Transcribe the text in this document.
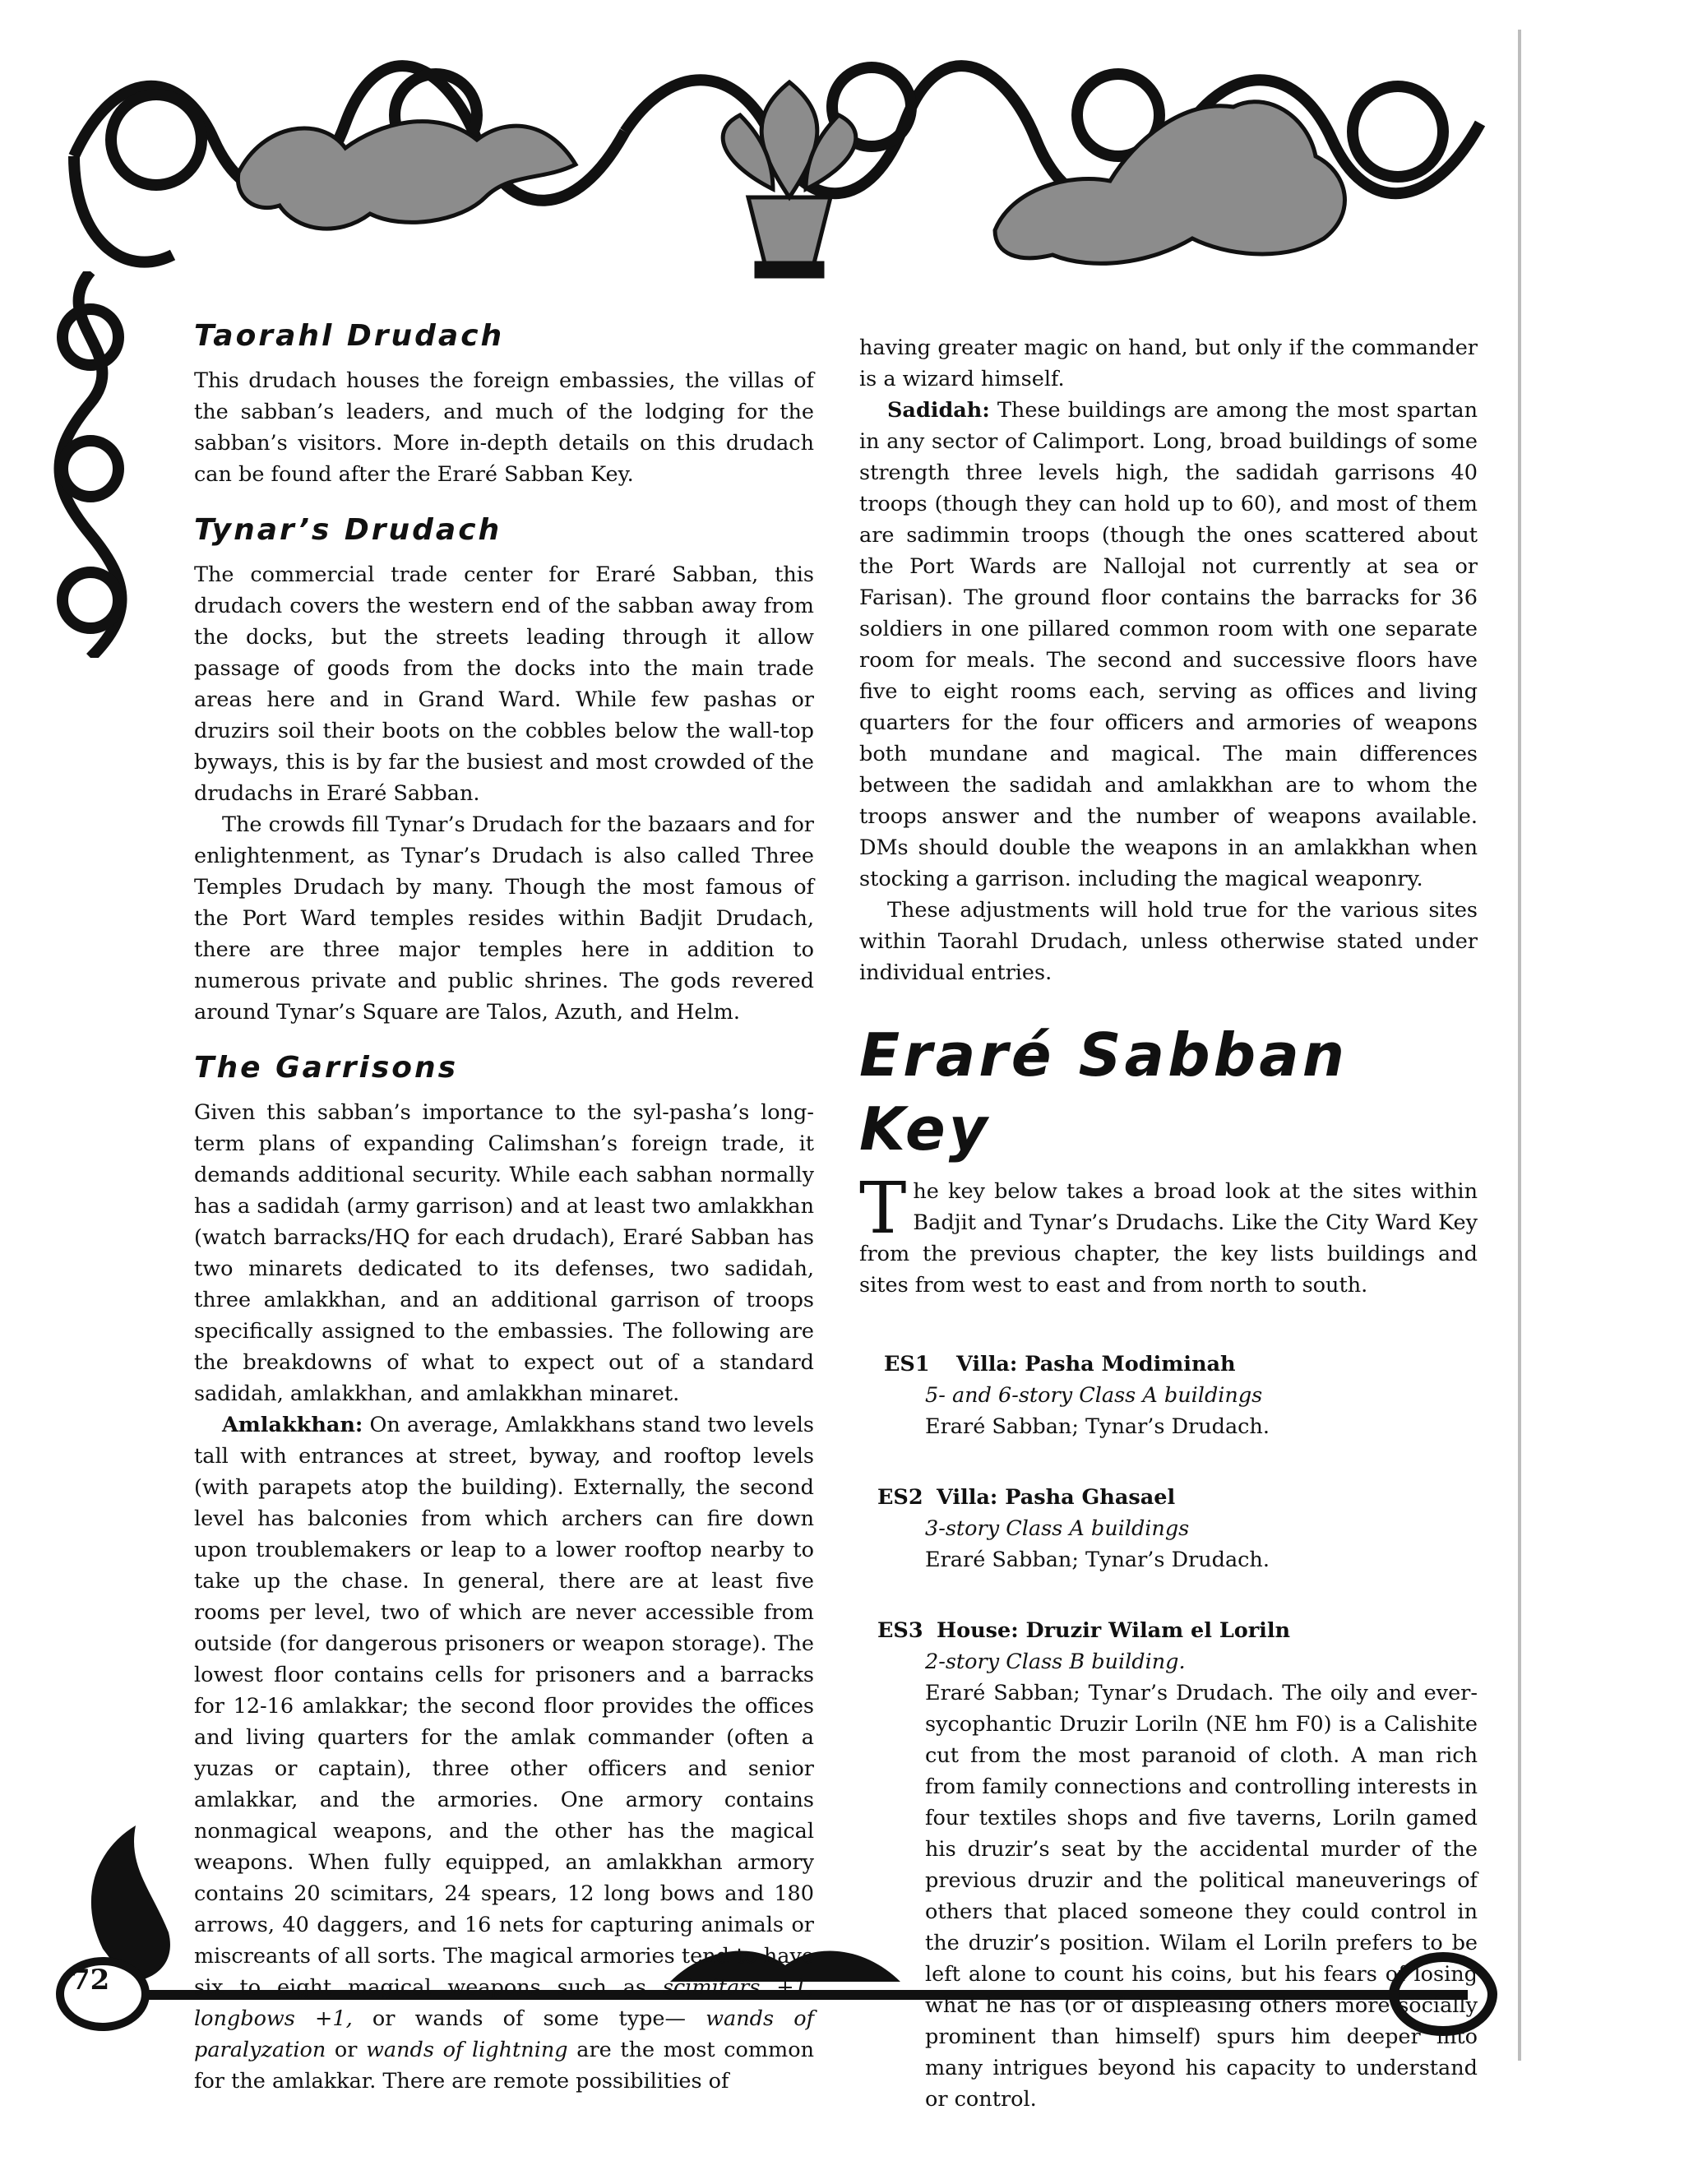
72
Taorahl Drudach

This drudach houses the foreign embassies, the villas of the sabban’s leaders, and much of the lodging for the sabban’s visitors. More in-depth details on this drudach can be found after the Eraré Sabban Key.

Tynar’s Drudach

The commercial trade center for Eraré Sabban, this drudach covers the western end of the sabban away from the docks, but the streets leading through it allow passage of goods from the docks into the main trade areas here and in Grand Ward. While few pashas or druzirs soil their boots on the cobbles below the wall-top byways, this is by far the busiest and most crowded of the drudachs in Eraré Sabban.

The crowds fill Tynar’s Drudach for the bazaars and for enlightenment, as Tynar’s Drudach is also called Three Temples Drudach by many. Though the most famous of the Port Ward temples resides within Badjit Drudach, there are three major temples here in addition to numerous private and public shrines. The gods revered around Tynar’s Square are Talos, Azuth, and Helm.

The Garrisons

Given this sabban’s importance to the syl-pasha’s long-term plans of expanding Calimshan’s foreign trade, it demands additional security. While each sabhan normally has a sadidah (army garrison) and at least two amlakkhan (watch barracks/HQ for each drudach), Eraré Sabban has two minarets dedicated to its defenses, two sadidah, three amlakkhan, and an additional garrison of troops specifically assigned to the embassies. The following are the breakdowns of what to expect out of a standard sadidah, amlakkhan, and amlakkhan minaret.

Amlakkhan: On average, Amlakkhans stand two levels tall with entrances at street, byway, and rooftop levels (with parapets atop the building). Externally, the second level has balconies from which archers can fire down upon troublemakers or leap to a lower rooftop nearby to take up the chase. In general, there are at least five rooms per level, two of which are never accessible from outside (for dangerous prisoners or weapon storage). The lowest floor contains cells for prisoners and a barracks for 12-16 amlakkar; the second floor provides the offices and living quarters for the amlak commander (often a yuzas or captain), three other officers and senior amlakkar, and the armories. One armory contains nonmagical weapons, and the other has the magical weapons. When fully equipped, an amlakkhan armory contains 20 scimitars, 24 spears, 12 long bows and 180 arrows, 40 daggers, and 16 nets for capturing animals or miscreants of all sorts. The magical armories tend to have six to eight magical weapons such as scimitars +1, longbows +1, or wands of some type— wands of paralyzation or wands of lightning are the most common for the amlakkar. There are remote possibilities of

having greater magic on hand, but only if the commander is a wizard himself.

Sadidah: These buildings are among the most spartan in any sector of Calimport. Long, broad buildings of some strength three levels high, the sadidah garrisons 40 troops (though they can hold up to 60), and most of them are sadimmin troops (though the ones scattered about the Port Wards are Nallojal not currently at sea or Farisan). The ground floor contains the barracks for 36 soldiers in one pillared common room with one separate room for meals. The second and successive floors have five to eight rooms each, serving as offices and living quarters for the four officers and armories of weapons both mundane and magical. The main differences between the sadidah and amlakkhan are to whom the troops answer and the number of weapons available. DMs should double the weapons in an amlakkhan when stocking a garrison. including the magical weaponry.

These adjustments will hold true for the various sites within Taorahl Drudach, unless otherwise stated under individual entries.

Eraré Sabban Key

The key below takes a broad look at the sites within Badjit and Tynar’s Drudachs. Like the City Ward Key from the previous chapter, the key lists buildings and sites from west to east and from north to south.

ES1 Villa: Pasha Modiminah
5- and 6-story Class A buildings
Eraré Sabban; Tynar’s Drudach.
ES2 Villa: Pasha Ghasael
3-story Class A buildings
Eraré Sabban; Tynar’s Drudach.
ES3 House: Druzir Wilam el Loriln
2-story Class B building.
Eraré Sabban; Tynar’s Drudach. The oily and ever-sycophantic Druzir Loriln (NE hm F0) is a Calishite cut from the most paranoid of cloth. A man rich from family connections and controlling interests in four textiles shops and five taverns, Loriln gamed his druzir’s seat by the accidental murder of the previous druzir and the political maneuverings of others that placed someone they could control in the druzir’s position. Wilam el Loriln prefers to be left alone to count his coins, but his fears of losing what he has (or of displeasing others more socially prominent than himself) spurs him deeper into many intrigues beyond his capacity to understand or control.
